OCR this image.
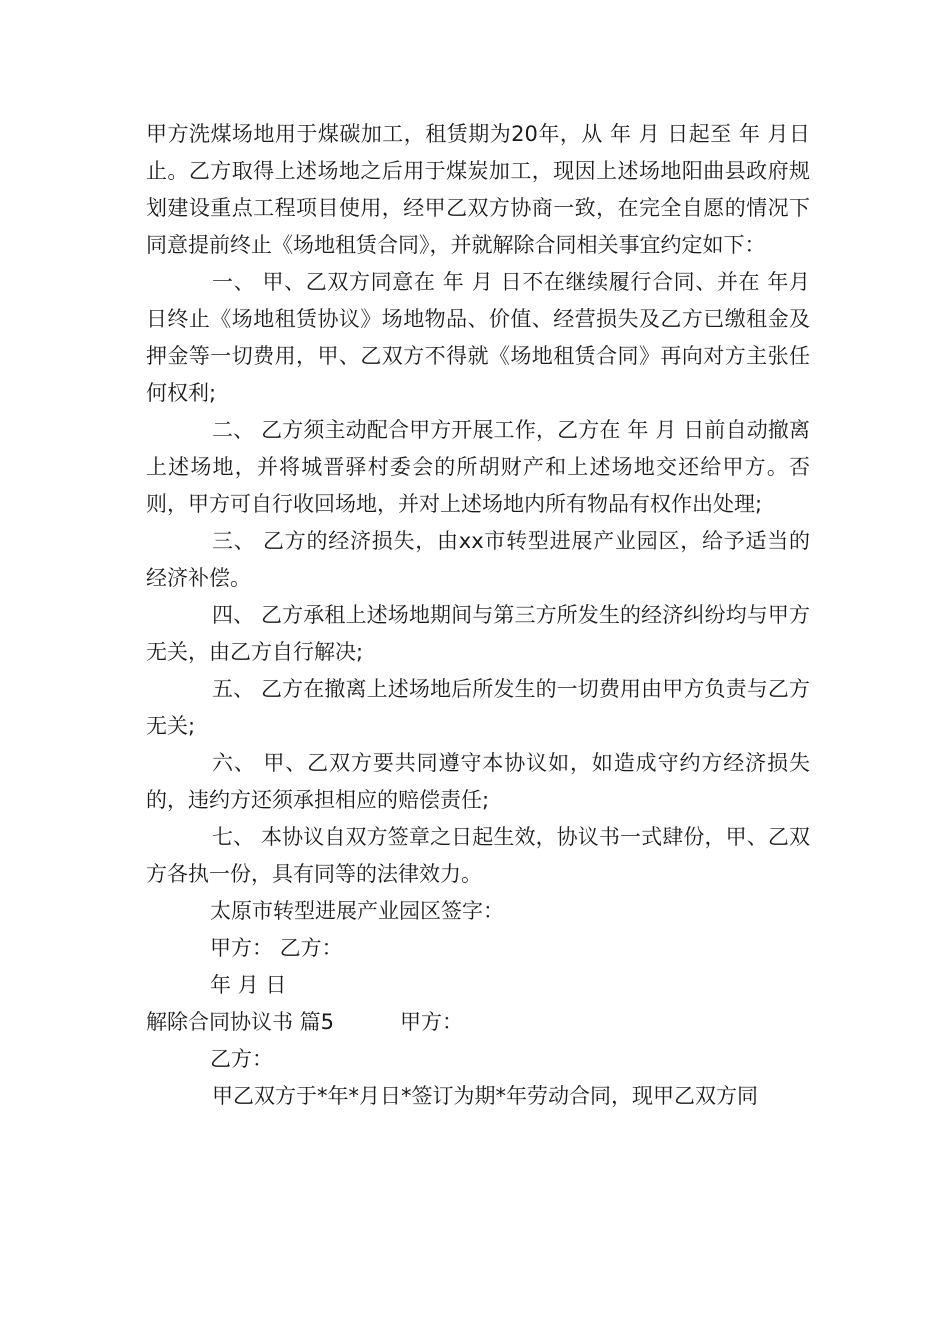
甲方洗煤场地用于煤碳加工，租赁期为20年，从 年 月 日起至 年 月日止。乙方取得上述场地之后用于煤炭加工，现因上述场地阳曲县政府规划建设重点工程项目使用，经甲乙双方协商一致，在完全自愿的情况下同意提前终止《场地租赁合同》，并就解除合同相关事宜约定如下：

一、 甲、乙双方同意在 年 月 日不在继续履行合同、并在 年月 日终止《场地租赁协议》场地物品、价值、经营损失及乙方已缴租金及押金等一切费用，甲、乙双方不得就《场地租赁合同》再向对方主张任何权利;

二、 乙方须主动配合甲方开展工作，乙方在 年 月 日前自动撤离上述场地，并将城晋驿村委会的所胡财产和上述场地交还给甲方。否则，甲方可自行收回场地，并对上述场地内所有物品有权作出处理;

三、 乙方的经济损失，由xx市转型进展产业园区，给予适当的经济补偿。

四、 乙方承租上述场地期间与第三方所发生的经济纠纷均与甲方无关，由乙方自行解决;

五、 乙方在撤离上述场地后所发生的一切费用由甲方负责与乙方无关;

六、 甲、乙双方要共同遵守本协议如，如造成守约方经济损失的，违约方还须承担相应的赔偿责任;

七、 本协议自双方签章之日起生效，协议书一式肆份，甲、乙双方各执一份，具有同等的法律效力。

太原市转型进展产业园区签字：

甲方： 乙方：

年 月 日

解除合同协议书 篇5	甲方：

乙方：

甲乙双方于*年*月日*签订为期*年劳动合同，现甲乙双方同
